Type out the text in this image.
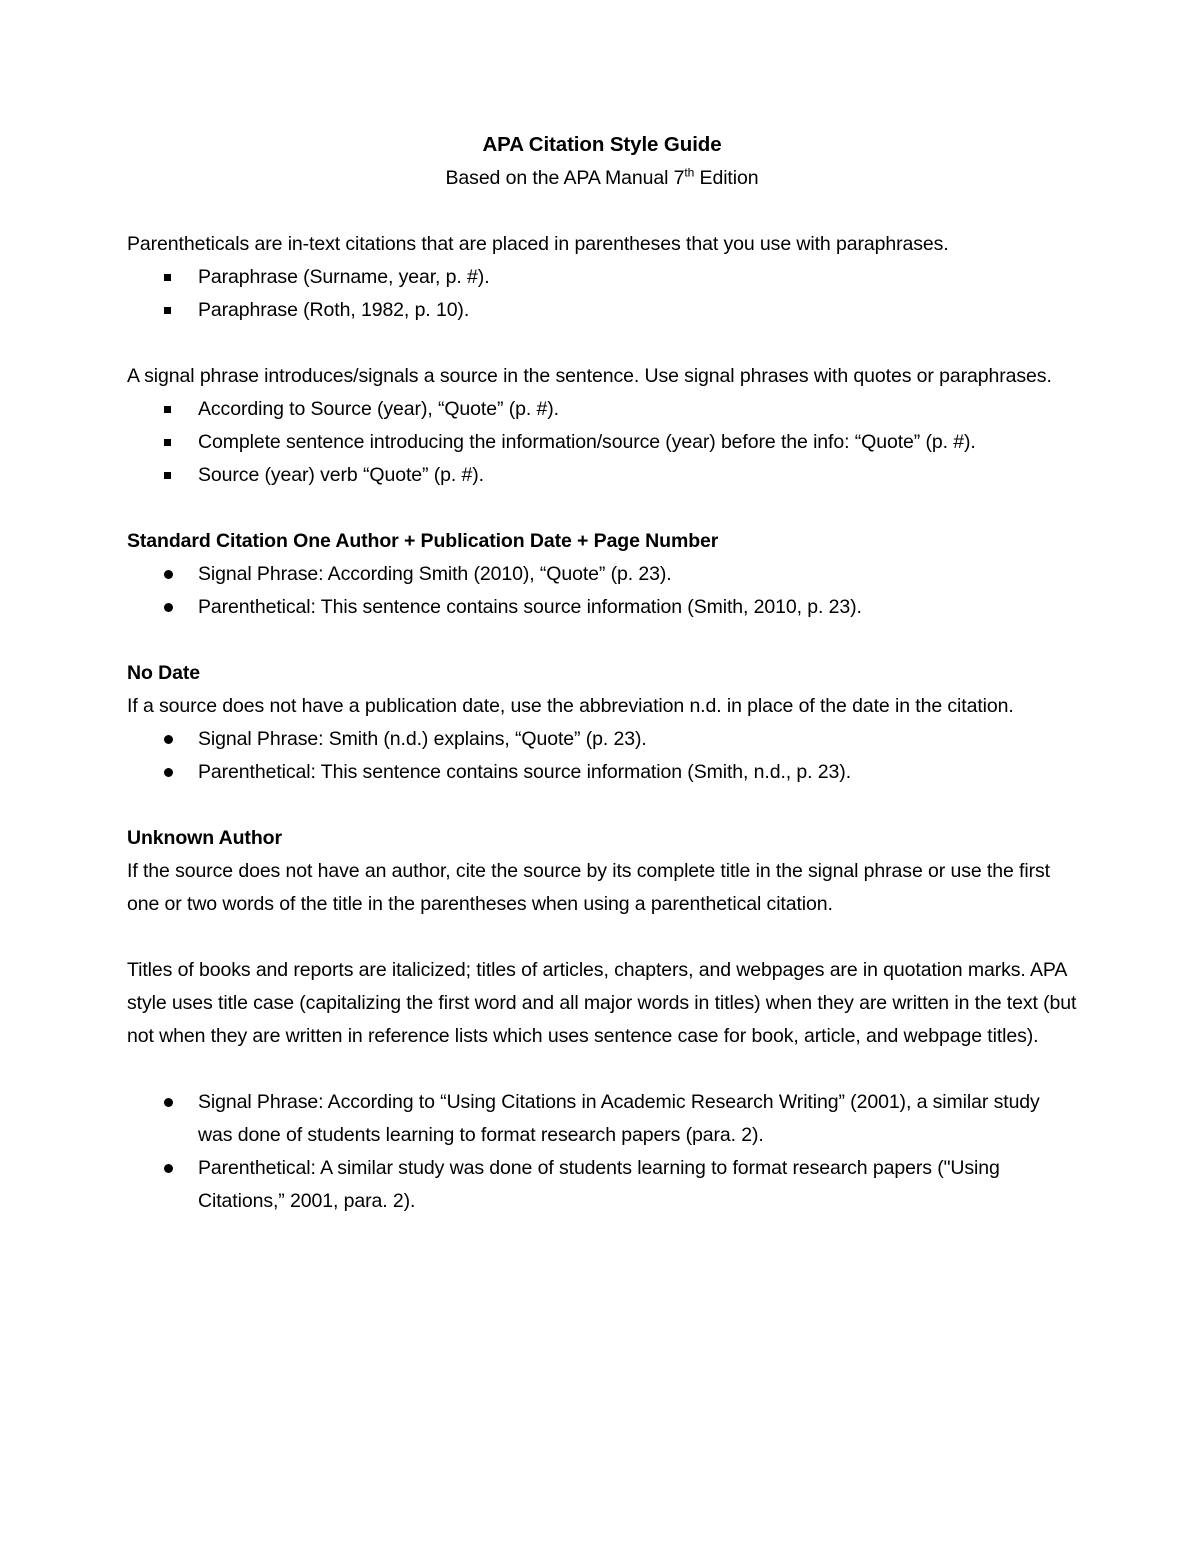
APA Citation Style Guide

Based on the APA Manual 7th Edition

Parentheticals are in-text citations that are placed in parentheses that you use with paraphrases.

Paraphrase (Surname, year, p. #).
Paraphrase (Roth, 1982, p. 10).

A signal phrase introduces/signals a source in the sentence. Use signal phrases with quotes or paraphrases.

According to Source (year), “Quote” (p. #).
Complete sentence introducing the information/source (year) before the info: “Quote” (p. #).
Source (year) verb “Quote” (p. #).

Standard Citation One Author + Publication Date + Page Number

Signal Phrase: According Smith (2010), “Quote” (p. 23).
Parenthetical: This sentence contains source information (Smith, 2010, p. 23).

No Date

If a source does not have a publication date, use the abbreviation n.d. in place of the date in the citation.

Signal Phrase: Smith (n.d.) explains, “Quote” (p. 23).
Parenthetical: This sentence contains source information (Smith, n.d., p. 23).

Unknown Author

If the source does not have an author, cite the source by its complete title in the signal phrase or use the first one or two words of the title in the parentheses when using a parenthetical citation.

Titles of books and reports are italicized; titles of articles, chapters, and webpages are in quotation marks. APA style uses title case (capitalizing the first word and all major words in titles) when they are written in the text (but not when they are written in reference lists which uses sentence case for book, article, and webpage titles).

Signal Phrase: According to “Using Citations in Academic Research Writing” (2001), a similar study was done of students learning to format research papers (para. 2).
Parenthetical: A similar study was done of students learning to format research papers ("Using Citations,” 2001, para. 2).
